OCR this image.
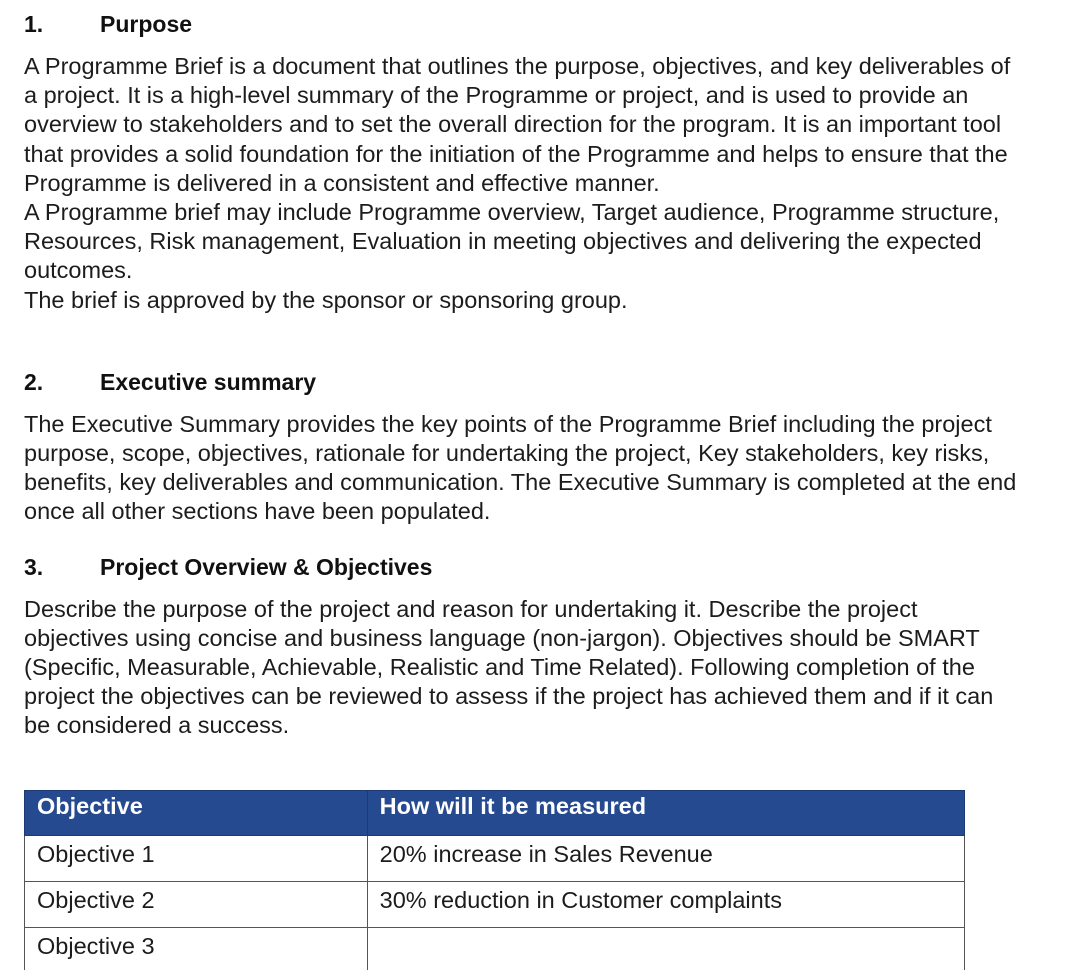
1.	Purpose

A Programme Brief is a document that outlines the purpose, objectives, and key deliverables of a project. It is a high-level summary of the Programme or project, and is used to provide an overview to stakeholders and to set the overall direction for the program. It is an important tool that provides a solid foundation for the initiation of the Programme and helps to ensure that the Programme is delivered in a consistent and effective manner.

A Programme brief may include Programme overview, Target audience, Programme structure, Resources, Risk management, Evaluation in meeting objectives and delivering the expected outcomes.

The brief is approved by the sponsor or sponsoring group.

2.	Executive summary

The Executive Summary provides the key points of the Programme Brief including the project purpose, scope, objectives, rationale for undertaking the project, Key stakeholders, key risks, benefits, key deliverables and communication. The Executive Summary is completed at the end once all other sections have been populated.

3.	Project Overview & Objectives

Describe the purpose of the project and reason for undertaking it. Describe the project objectives using concise and business language (non-jargon). Objectives should be SMART (Specific, Measurable, Achievable, Realistic and Time Related). Following completion of the project the objectives can be reviewed to assess if the project has achieved them and if it can be considered a success.

Objective	How will it be measured
Objective 1	20% increase in Sales Revenue
Objective 2	30% reduction in Customer complaints
Objective 3	
